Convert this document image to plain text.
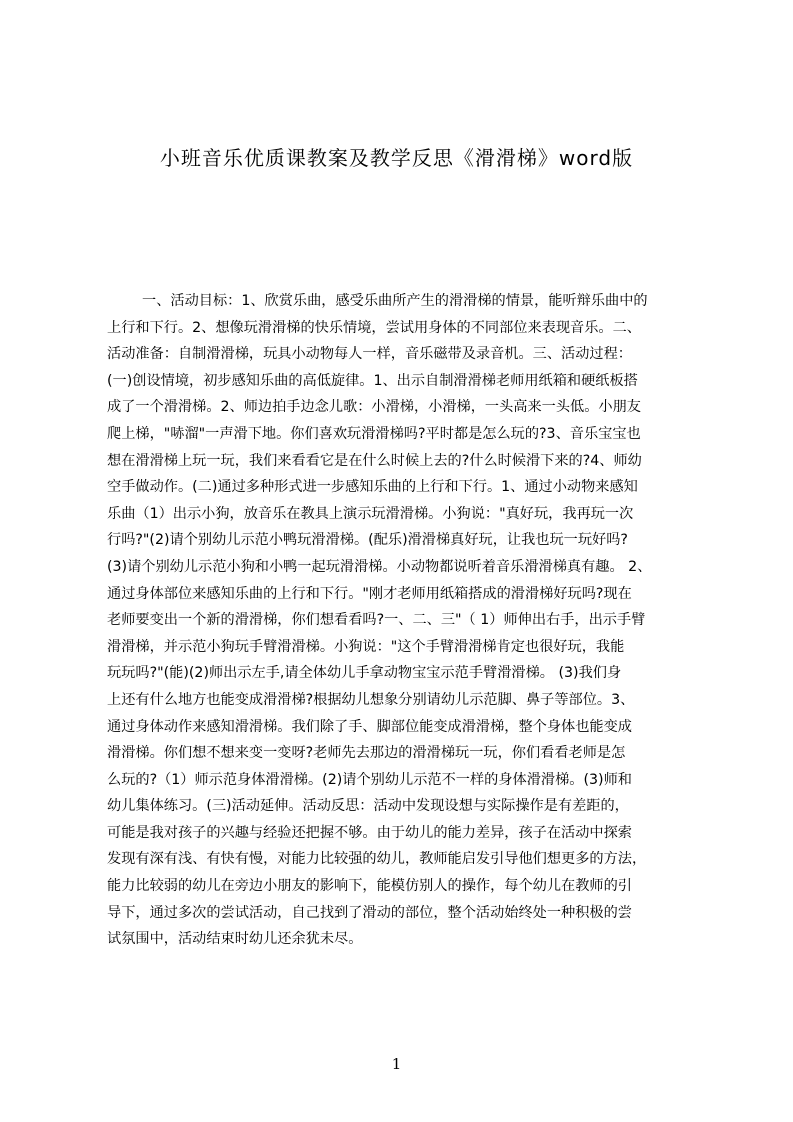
小班音乐优质课教案及教学反思《滑滑梯》word版
一、活动目标：1、欣赏乐曲，感受乐曲所产生的滑滑梯的情景，能听辩乐曲中的
上行和下行。2、想像玩滑滑梯的快乐情境，尝试用身体的不同部位来表现音乐。二、
活动准备：自制滑滑梯，玩具小动物每人一样，音乐磁带及录音机。三、活动过程：
(一)创设情境，初步感知乐曲的高低旋律。1、出示自制滑滑梯老师用纸箱和硬纸板搭
成了一个滑滑梯。2、师边拍手边念儿歌：小滑梯，小滑梯，一头高来一头低。小朋友
爬上梯，"哧溜"一声滑下地。你们喜欢玩滑滑梯吗?平时都是怎么玩的?3、音乐宝宝也
想在滑滑梯上玩一玩，我们来看看它是在什么时候上去的?什么时候滑下来的?4、师幼
空手做动作。(二)通过多种形式进一步感知乐曲的上行和下行。1、通过小动物来感知
乐曲（1）出示小狗，放音乐在教具上演示玩滑滑梯。小狗说："真好玩，我再玩一次
行吗?"(2)请个别幼儿示范小鸭玩滑滑梯。(配乐)滑滑梯真好玩，让我也玩一玩好吗?
(3)请个别幼儿示范小狗和小鸭一起玩滑滑梯。小动物都说听着音乐滑滑梯真有趣。 2、
通过身体部位来感知乐曲的上行和下行。"刚才老师用纸箱搭成的滑滑梯好玩吗?现在
老师要变出一个新的滑滑梯，你们想看看吗?一、二、三"（ 1）师伸出右手，出示手臂
滑滑梯，并示范小狗玩手臂滑滑梯。小狗说："这个手臂滑滑梯肯定也很好玩，我能
玩玩吗?"(能)(2)师出示左手,请全体幼儿手拿动物宝宝示范手臂滑滑梯。 (3)我们身
上还有什么地方也能变成滑滑梯?根据幼儿想象分别请幼儿示范脚、鼻子等部位。3、
通过身体动作来感知滑滑梯。我们除了手、脚部位能变成滑滑梯，整个身体也能变成
滑滑梯。你们想不想来变一变呀?老师先去那边的滑滑梯玩一玩，你们看看老师是怎
么玩的?（1）师示范身体滑滑梯。(2)请个别幼儿示范不一样的身体滑滑梯。(3)师和
幼儿集体练习。(三)活动延伸。活动反思：活动中发现设想与实际操作是有差距的，
可能是我对孩子的兴趣与经验还把握不够。由于幼儿的能力差异，孩子在活动中探索
发现有深有浅、有快有慢，对能力比较强的幼儿，教师能启发引导他们想更多的方法，
能力比较弱的幼儿在旁边小朋友的影响下，能模仿别人的操作，每个幼儿在教师的引
导下，通过多次的尝试活动，自己找到了滑动的部位，整个活动始终处一种积极的尝
试氛围中，活动结束时幼儿还余犹未尽。
1
